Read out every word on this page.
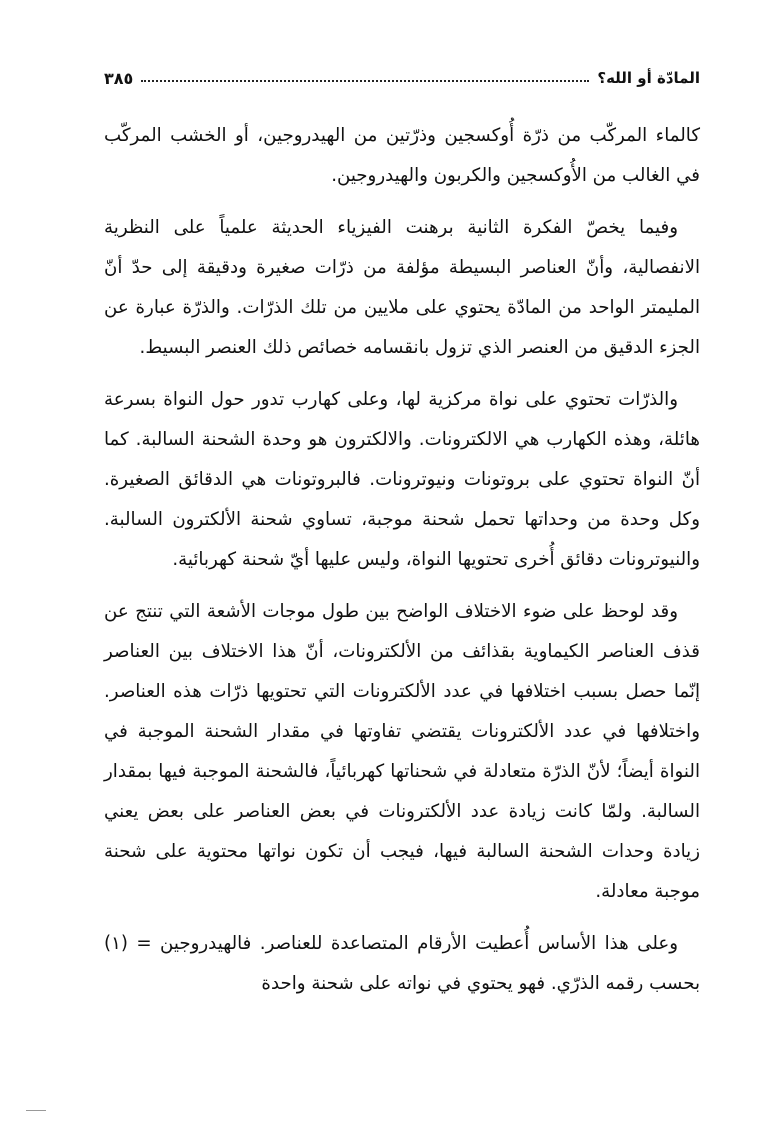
المادّة أو الله؟
٣٨٥

كالماء المركّب من ذرّة أُوكسجين وذرّتين من الهيدروجين، أو الخشب المركّب في الغالب من الأُوكسجين والكربون والهيدروجين.

وفيما يخصّ الفكرة الثانية برهنت الفيزياء الحديثة علمياً على النظرية الانفصالية، وأنّ العناصر البسيطة مؤلفة من ذرّات صغيرة ودقيقة إلى حدّ أنّ المليمتر الواحد من المادّة يحتوي على ملايين من تلك الذرّات. والذرّة عبارة عن الجزء الدقيق من العنصر الذي تزول بانقسامه خصائص ذلك العنصر البسيط.

والذرّات تحتوي على نواة مركزية لها، وعلى كهارب تدور حول النواة بسرعة هائلة، وهذه الكهارب هي الالكترونات. والالكترون هو وحدة الشحنة السالبة. كما أنّ النواة تحتوي على بروتونات ونيوترونات. فالبروتونات هي الدقائق الصغيرة. وكل وحدة من وحداتها تحمل شحنة موجبة، تساوي شحنة الألكترون السالبة. والنيوترونات دقائق أُخرى تحتويها النواة، وليس عليها أيّ شحنة كهربائية.

وقد لوحظ على ضوء الاختلاف الواضح بين طول موجات الأشعة التي تنتج عن قذف العناصر الكيماوية بقذائف من الألكترونات، أنّ هذا الاختلاف بين العناصر إنّما حصل بسبب اختلافها في عدد الألكترونات التي تحتويها ذرّات هذه العناصر. واختلافها في عدد الألكترونات يقتضي تفاوتها في مقدار الشحنة الموجبة في النواة أيضاً؛ لأنّ الذرّة متعادلة في شحناتها كهربائياً، فالشحنة الموجبة فيها بمقدار السالبة. ولمّا كانت زيادة عدد الألكترونات في بعض العناصر على بعض يعني زيادة وحدات الشحنة السالبة فيها، فيجب أن تكون نواتها محتوية على شحنة موجبة معادلة.

وعلى هذا الأساس أُعطيت الأرقام المتصاعدة للعناصر. فالهيدروجين = (١) بحسب رقمه الذرّي. فهو يحتوي في نواته على شحنة واحدة
